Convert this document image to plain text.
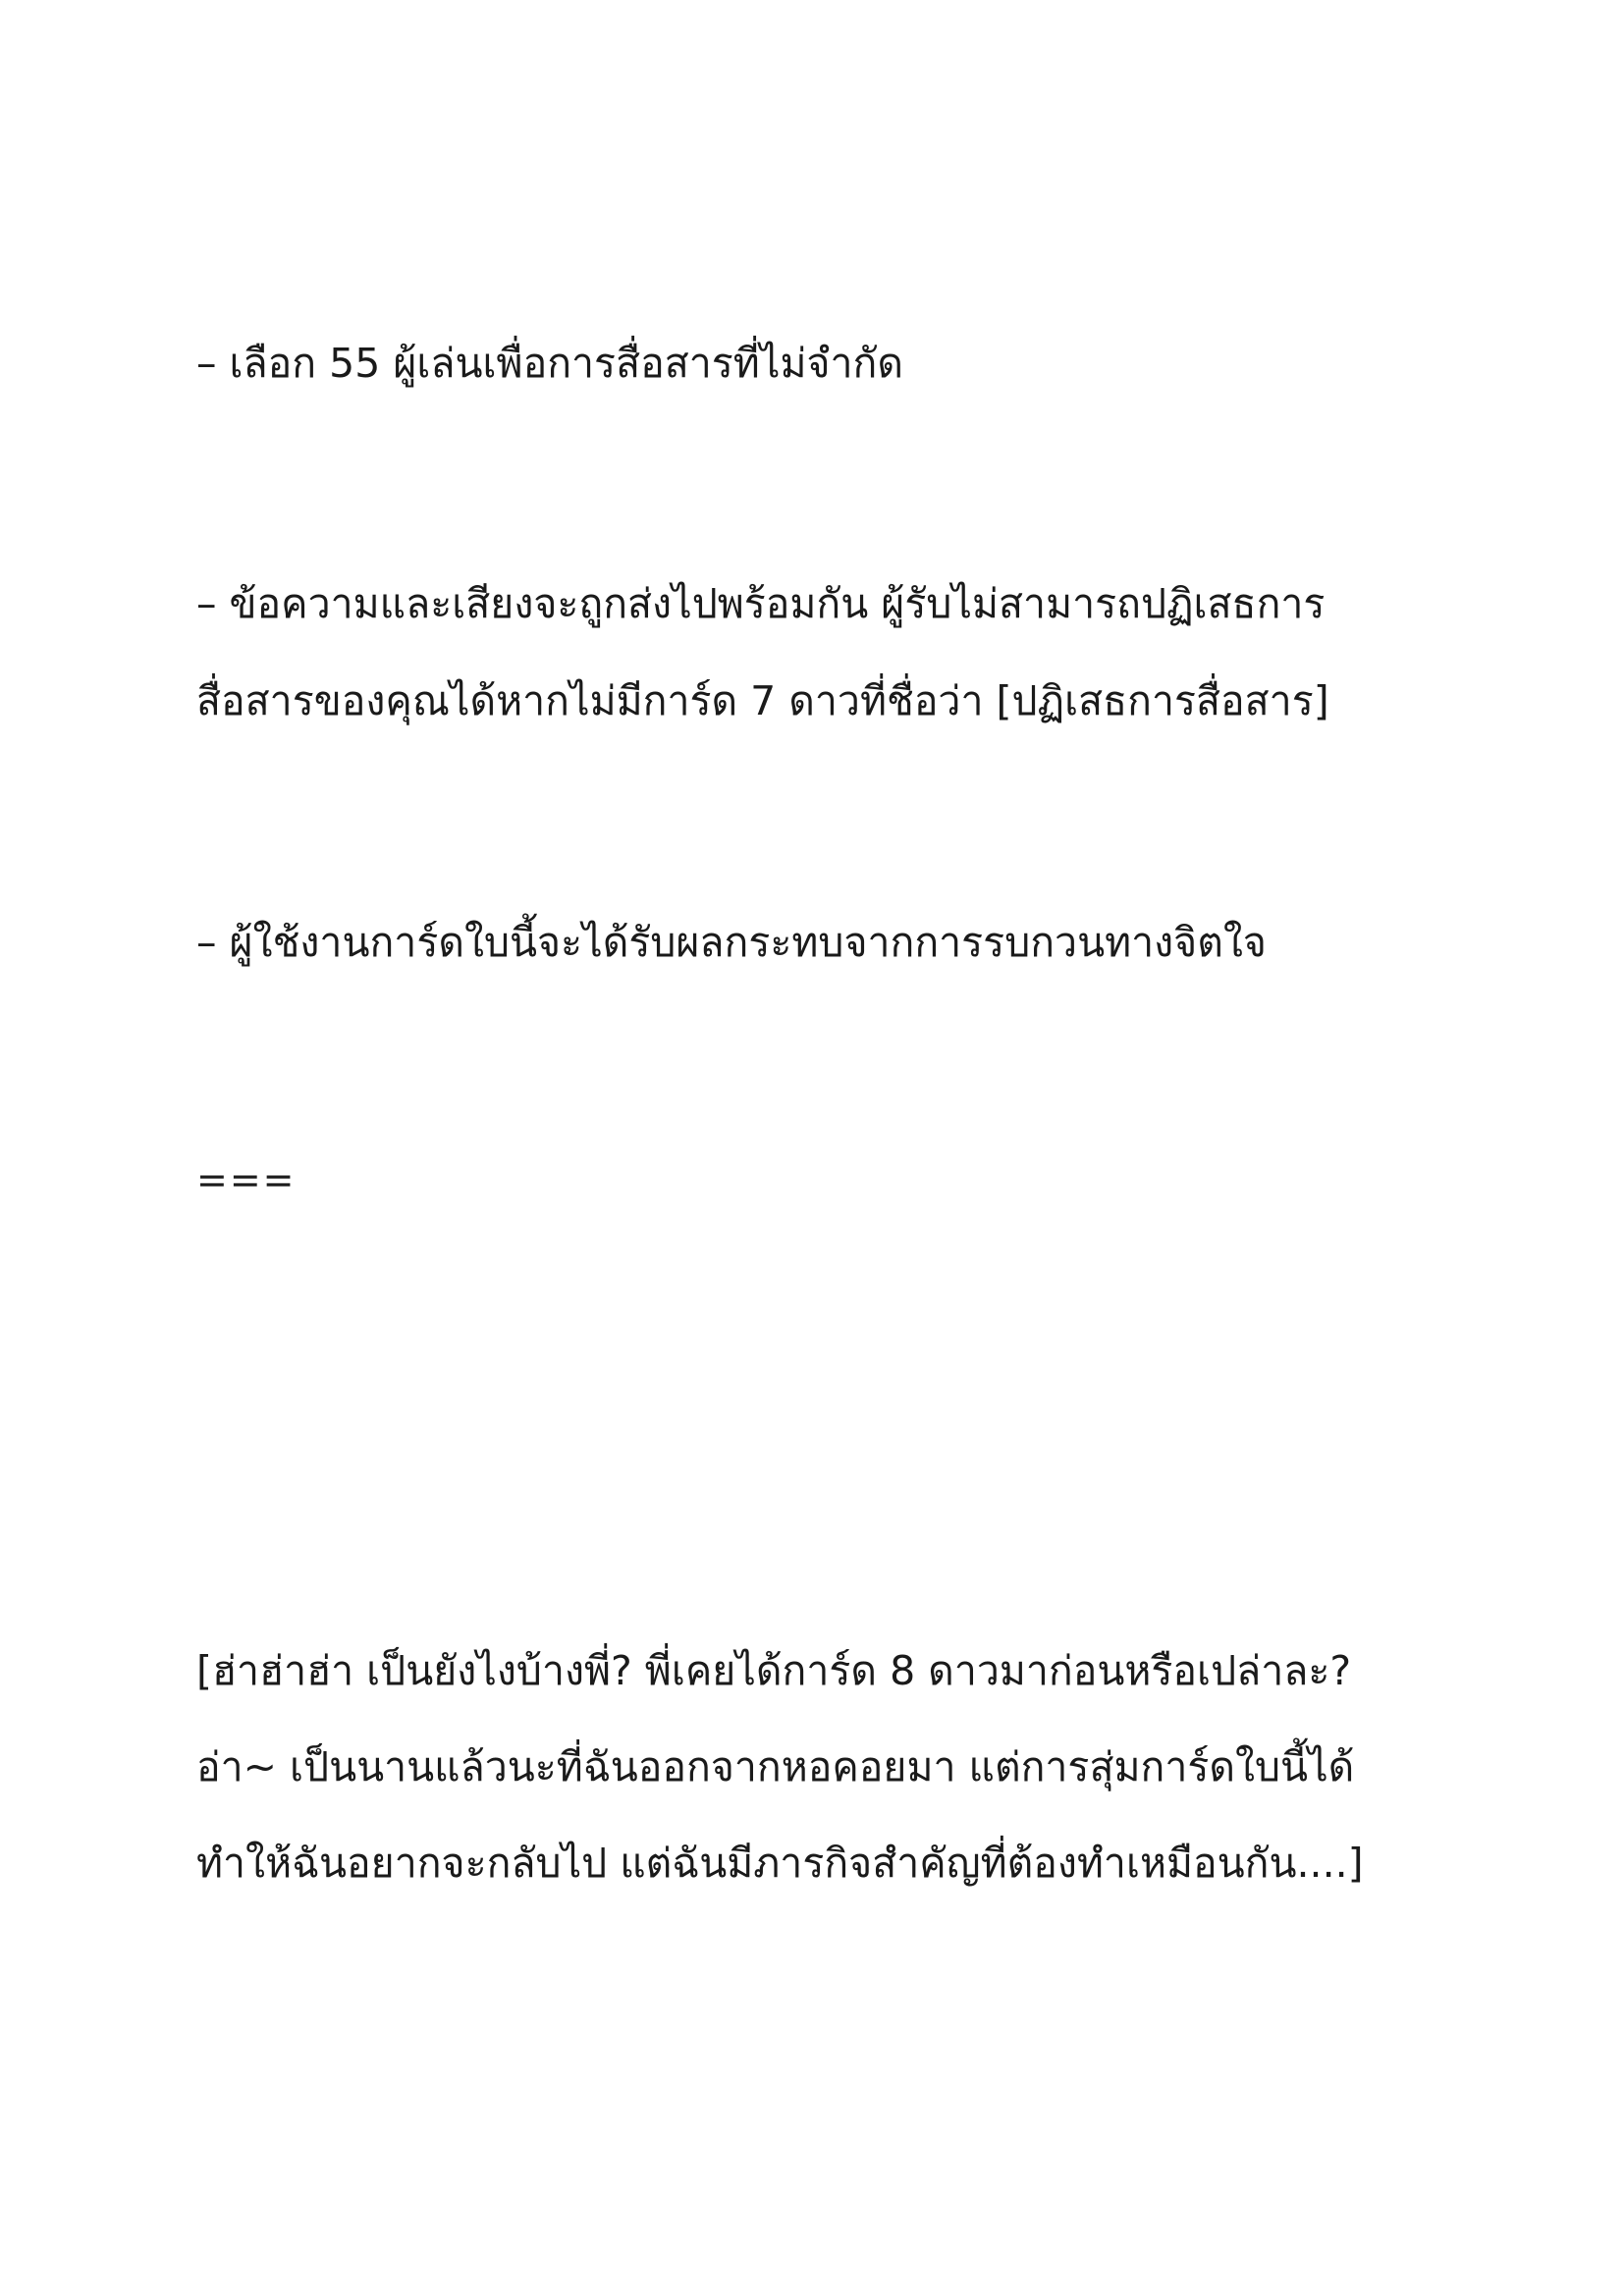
– เลือก 55 ผู้เล่นเพื่อการสื่อสารที่ไม่จำกัด
– ข้อความและเสียงจะถูกส่งไปพร้อมกัน ผู้รับไม่สามารถปฏิเสธการ
สื่อสารของคุณได้หากไม่มีการ์ด 7 ดาวที่ชื่อว่า [ปฏิเสธการสื่อสาร]
– ผู้ใช้งานการ์ดใบนี้จะได้รับผลกระทบจากการรบกวนทางจิตใจ
===
[ฮ่าฮ่าฮ่า เป็นยังไงบ้างพี่? พี่เคยได้การ์ด 8 ดาวมาก่อนหรือเปล่าละ?
อ่า~ เป็นนานแล้วนะที่ฉันออกจากหอคอยมา แต่การสุ่มการ์ดใบนี้ได้
ทำให้ฉันอยากจะกลับไป แต่ฉันมีภารกิจสำคัญที่ต้องทำเหมือนกัน....]
